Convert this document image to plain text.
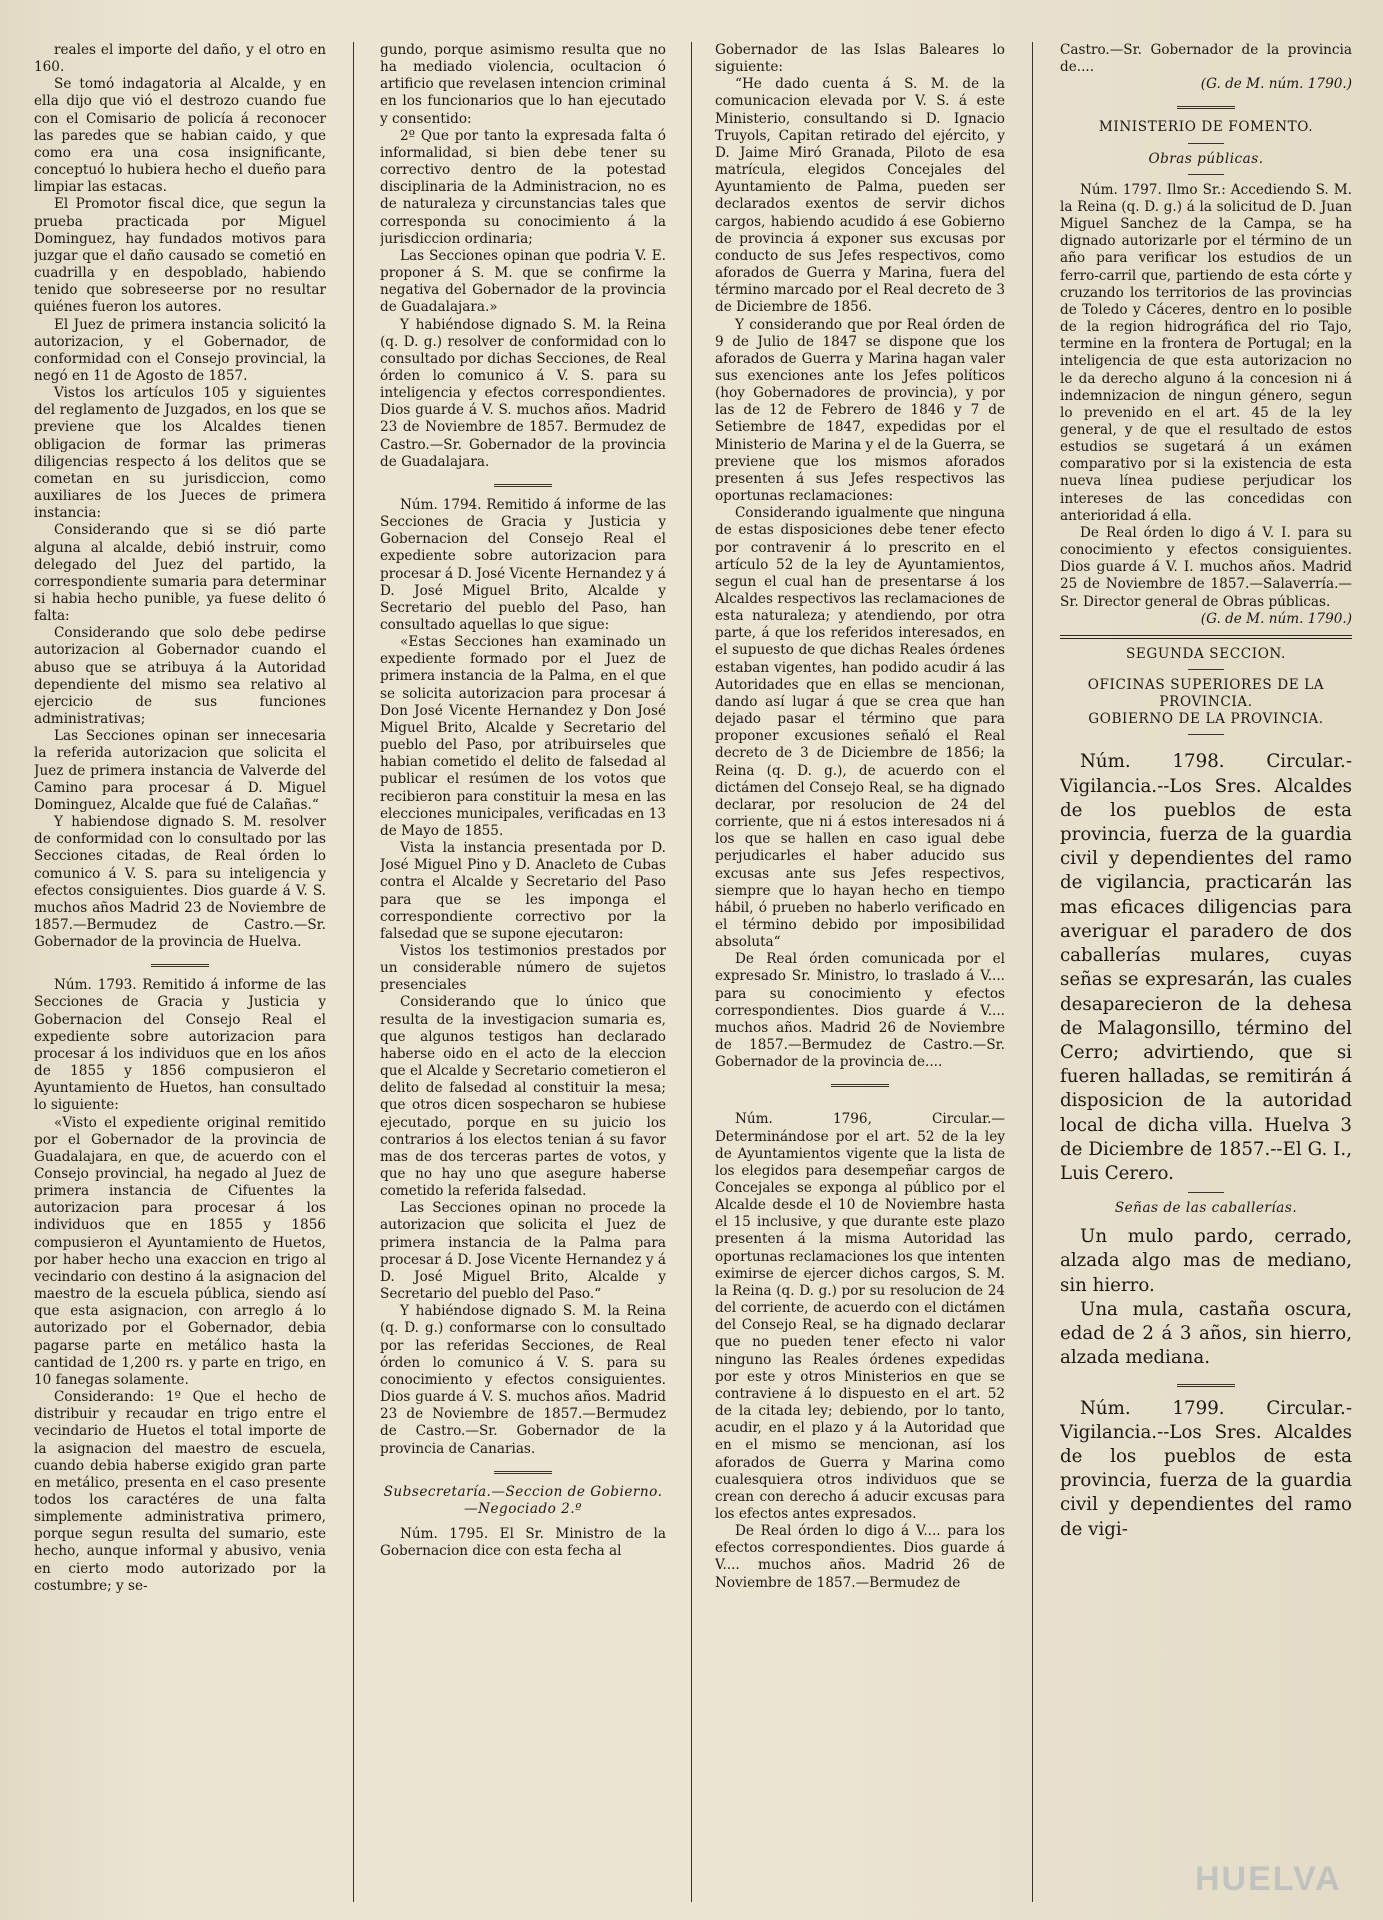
reales el importe del daño, y el otro en 160.

Se tomó indagatoria al Alcalde, y en ella dijo que vió el destrozo cuando fue con el Comisario de policía á reconocer las paredes que se habian caido, y que como era una cosa insignificante, conceptuó lo hubiera hecho el dueño para limpiar las estacas.

El Promotor fiscal dice, que segun la prueba practicada por Miguel Dominguez, hay fundados motivos para juzgar que el daño causado se cometió en cuadrilla y en despoblado, habiendo tenido que sobreseerse por no resultar quiénes fueron los autores.

El Juez de primera instancia solicitó la autorizacion, y el Gobernador, de conformidad con el Consejo provincial, la negó en 11 de Agosto de 1857.

Vistos los artículos 105 y siguientes del reglamento de Juzgados, en los que se previene que los Alcaldes tienen obligacion de formar las primeras diligencias respecto á los delitos que se cometan en su jurisdiccion, como auxiliares de los Jueces de primera instancia:

Considerando que si se dió parte alguna al alcalde, debió instruir, como delegado del Juez del partido, la correspondiente sumaria para determinar si habia hecho punible, ya fuese delito ó falta:

Considerando que solo debe pedirse autorizacion al Gobernador cuando el abuso que se atribuya á la Autoridad dependiente del mismo sea relativo al ejercicio de sus funciones administrativas;

Las Secciones opinan ser innecesaria la referida autorizacion que solicita el Juez de primera instancia de Valverde del Camino para procesar á D. Miguel Dominguez, Alcalde que fué de Calañas.“

Y habiendose dignado S. M. resolver de conformidad con lo consultado por las Secciones citadas, de Real órden lo comunico á V. S. para su inteligencia y efectos consiguientes. Dios guarde á V. S. muchos años Madrid 23 de Noviembre de 1857.—Bermudez de Castro.—Sr. Gobernador de la provincia de Huelva.

Núm. 1793. Remitido á informe de las Secciones de Gracia y Justicia y Gobernacion del Consejo Real el expediente sobre autorizacion para procesar á los individuos que en los años de 1855 y 1856 compusieron el Ayuntamiento de Huetos, han consultado lo siguiente:

«Visto el expediente original remitido por el Gobernador de la provincia de Guadalajara, en que, de acuerdo con el Consejo provincial, ha negado al Juez de primera instancia de Cifuentes la autorizacion para procesar á los individuos que en 1855 y 1856 compusieron el Ayuntamiento de Huetos, por haber hecho una exaccion en trigo al vecindario con destino á la asignacion del maestro de la escuela pública, siendo así que esta asignacion, con arreglo á lo autorizado por el Gobernador, debia pagarse parte en metálico hasta la cantidad de 1,200 rs. y parte en trigo, en 10 fanegas solamente.

Considerando: 1º Que el hecho de distribuir y recaudar en trigo entre el vecindario de Huetos el total importe de la asignacion del maestro de escuela, cuando debia haberse exigido gran parte en metálico, presenta en el caso presente todos los caractéres de una falta simplemente administrativa primero, porque segun resulta del sumario, este hecho, aunque informal y abusivo, venia en cierto modo autorizado por la costumbre; y se-

gundo, porque asimismo resulta que no ha mediado violencia, ocultacion ó artificio que revelasen intencion criminal en los funcionarios que lo han ejecutado y consentido:

2º Que por tanto la expresada falta ó informalidad, si bien debe tener su correctivo dentro de la potestad disciplinaria de la Administracion, no es de naturaleza y circunstancias tales que corresponda su conocimiento á la jurisdiccion ordinaria;

Las Secciones opinan que podria V. E. proponer á S. M. que se confirme la negativa del Gobernador de la provincia de Guadalajara.»

Y habiéndose dignado S. M. la Reina (q. D. g.) resolver de conformidad con lo consultado por dichas Secciones, de Real órden lo comunico á V. S. para su inteligencia y efectos correspondientes. Dios guarde á V. S. muchos años. Madrid 23 de Noviembre de 1857. Bermudez de Castro.—Sr. Gobernador de la provincia de Guadalajara.

Núm. 1794. Remitido á informe de las Secciones de Gracia y Justicia y Gobernacion del Consejo Real el expediente sobre autorizacion para procesar á D. José Vicente Hernandez y á D. José Miguel Brito, Alcalde y Secretario del pueblo del Paso, han consultado aquellas lo que sigue:

«Estas Secciones han examinado un expediente formado por el Juez de primera instancia de la Palma, en el que se solicita autorizacion para procesar á Don José Vicente Hernandez y Don José Miguel Brito, Alcalde y Secretario del pueblo del Paso, por atribuirseles que habian cometido el delito de falsedad al publicar el resúmen de los votos que recibieron para constituir la mesa en las elecciones municipales, verificadas en 13 de Mayo de 1855.

Vista la instancia presentada por D. José Miguel Pino y D. Anacleto de Cubas contra el Alcalde y Secretario del Paso para que se les imponga el correspondiente correctivo por la falsedad que se supone ejecutaron:

Vistos los testimonios prestados por un considerable número de sujetos presenciales

Considerando que lo único que resulta de la investigacion sumaria es, que algunos testigos han declarado haberse oido en el acto de la eleccion que el Alcalde y Secretario cometieron el delito de falsedad al constituir la mesa; que otros dicen sospecharon se hubiese ejecutado, porque en su juicio los contrarios á los electos tenian á su favor mas de dos terceras partes de votos, y que no hay uno que asegure haberse cometido la referida falsedad.

Las Secciones opinan no procede la autorizacion que solicita el Juez de primera instancia de la Palma para procesar á D. Jose Vicente Hernandez y á D. José Miguel Brito, Alcalde y Secretario del pueblo del Paso.“

Y habiéndose dignado S. M. la Reina (q. D. g.) conformarse con lo consultado por las referidas Secciones, de Real órden lo comunico á V. S. para su conocimiento y efectos consiguientes. Dios guarde á V. S. muchos años. Madrid 23 de Noviembre de 1857.—Bermudez de Castro.—Sr. Gobernador de la provincia de Canarias.

Subsecretaría.—Seccion de Gobierno.—Negociado 2.º

Núm. 1795. El Sr. Ministro de la Gobernacion dice con esta fecha al

Gobernador de las Islas Baleares lo siguiente:

“He dado cuenta á S. M. de la comunicacion elevada por V. S. á este Ministerio, consultando si D. Ignacio Truyols, Capitan retirado del ejército, y D. Jaime Miró Granada, Piloto de esa matrícula, elegidos Concejales del Ayuntamiento de Palma, pueden ser declarados exentos de servir dichos cargos, habiendo acudido á ese Gobierno de provincia á exponer sus excusas por conducto de sus Jefes respectivos, como aforados de Guerra y Marina, fuera del término marcado por el Real decreto de 3 de Diciembre de 1856.

Y considerando que por Real órden de 9 de Julio de 1847 se dispone que los aforados de Guerra y Marina hagan valer sus exenciones ante los Jefes políticos (hoy Gobernadores de provincia), y por las de 12 de Febrero de 1846 y 7 de Setiembre de 1847, expedidas por el Ministerio de Marina y el de la Guerra, se previene que los mismos aforados presenten á sus Jefes respectivos las oportunas reclamaciones:

Considerando igualmente que ninguna de estas disposiciones debe tener efecto por contravenir á lo prescrito en el artículo 52 de la ley de Ayuntamientos, segun el cual han de presentarse á los Alcaldes respectivos las reclamaciones de esta naturaleza; y atendiendo, por otra parte, á que los referidos interesados, en el supuesto de que dichas Reales órdenes estaban vigentes, han podido acudir á las Autoridades que en ellas se mencionan, dando así lugar á que se crea que han dejado pasar el término que para proponer excusiones señaló el Real decreto de 3 de Diciembre de 1856; la Reina (q. D. g.), de acuerdo con el dictámen del Consejo Real, se ha dignado declarar, por resolucion de 24 del corriente, que ni á estos interesados ni á los que se hallen en caso igual debe perjudicarles el haber aducido sus excusas ante sus Jefes respectivos, siempre que lo hayan hecho en tiempo hábil, ó prueben no haberlo verificado en el término debido por imposibilidad absoluta“

De Real órden comunicada por el expresado Sr. Ministro, lo traslado á V.... para su conocimiento y efectos correspondientes. Dios guarde á V.... muchos años. Madrid 26 de Noviembre de 1857.—Bermudez de Castro.—Sr. Gobernador de la provincia de....

Núm. 1796, Circular.—Determinándose por el art. 52 de la ley de Ayuntamientos vigente que la lista de los elegidos para desempeñar cargos de Concejales se exponga al público por el Alcalde desde el 10 de Noviembre hasta el 15 inclusive, y que durante este plazo presenten á la misma Autoridad las oportunas reclamaciones los que intenten eximirse de ejercer dichos cargos, S. M. la Reina (q. D. g.) por su resolucion de 24 del corriente, de acuerdo con el dictámen del Consejo Real, se ha dignado declarar que no pueden tener efecto ni valor ninguno las Reales órdenes expedidas por este y otros Ministerios en que se contraviene á lo dispuesto en el art. 52 de la citada ley; debiendo, por lo tanto, acudir, en el plazo y á la Autoridad que en el mismo se mencionan, así los aforados de Guerra y Marina como cualesquiera otros individuos que se crean con derecho á aducir excusas para los efectos antes expresados.

De Real órden lo digo á V.... para los efectos correspondientes. Dios guarde á V.... muchos años. Madrid 26 de Noviembre de 1857.—Bermudez de

Castro.—Sr. Gobernador de la provincia de....

(G. de M. núm. 1790.)

MINISTERIO DE FOMENTO.

Obras públicas.

Núm. 1797. Ilmo Sr.: Accediendo S. M. la Reina (q. D. g.) á la solicitud de D. Juan Miguel Sanchez de la Campa, se ha dignado autorizarle por el término de un año para verificar los estudios de un ferro-carril que, partiendo de esta córte y cruzando los territorios de las provincias de Toledo y Cáceres, dentro en lo posible de la region hidrográfica del rio Tajo, termine en la frontera de Portugal; en la inteligencia de que esta autorizacion no le da derecho alguno á la concesion ni á indemnizacion de ningun género, segun lo prevenido en el art. 45 de la ley general, y de que el resultado de estos estudios se sugetará á un exámen comparativo por si la existencia de esta nueva línea pudiese perjudicar los intereses de las concedidas con anterioridad á ella.

De Real órden lo digo á V. I. para su conocimiento y efectos consiguientes. Dios guarde á V. I. muchos años. Madrid 25 de Noviembre de 1857.—Salaverría.—Sr. Director general de Obras públicas.

(G. de M. núm. 1790.)

SEGUNDA SECCION.

OFICINAS SUPERIORES DE LA PROVINCIA.

GOBIERNO DE LA PROVINCIA.

Núm. 1798. Circular.-Vigilancia.--Los Sres. Alcaldes de los pueblos de esta provincia, fuerza de la guardia civil y dependientes del ramo de vigilancia, practicarán las mas eficaces diligencias para averiguar el paradero de dos caballerías mulares, cuyas señas se expresarán, las cuales desaparecieron de la dehesa de Malagonsillo, término del Cerro; advirtiendo, que si fueren halladas, se remitirán á disposicion de la autoridad local de dicha villa. Huelva 3 de Diciembre de 1857.--El G. I., Luis Cerero.

Señas de las caballerías.

Un mulo pardo, cerrado, alzada algo mas de mediano, sin hierro.

Una mula, castaña oscura, edad de 2 á 3 años, sin hierro, alzada mediana.

Núm. 1799. Circular.-Vigilancia.--Los Sres. Alcaldes de los pueblos de esta provincia, fuerza de la guardia civil y dependientes del ramo de vigi-

HUELVA
